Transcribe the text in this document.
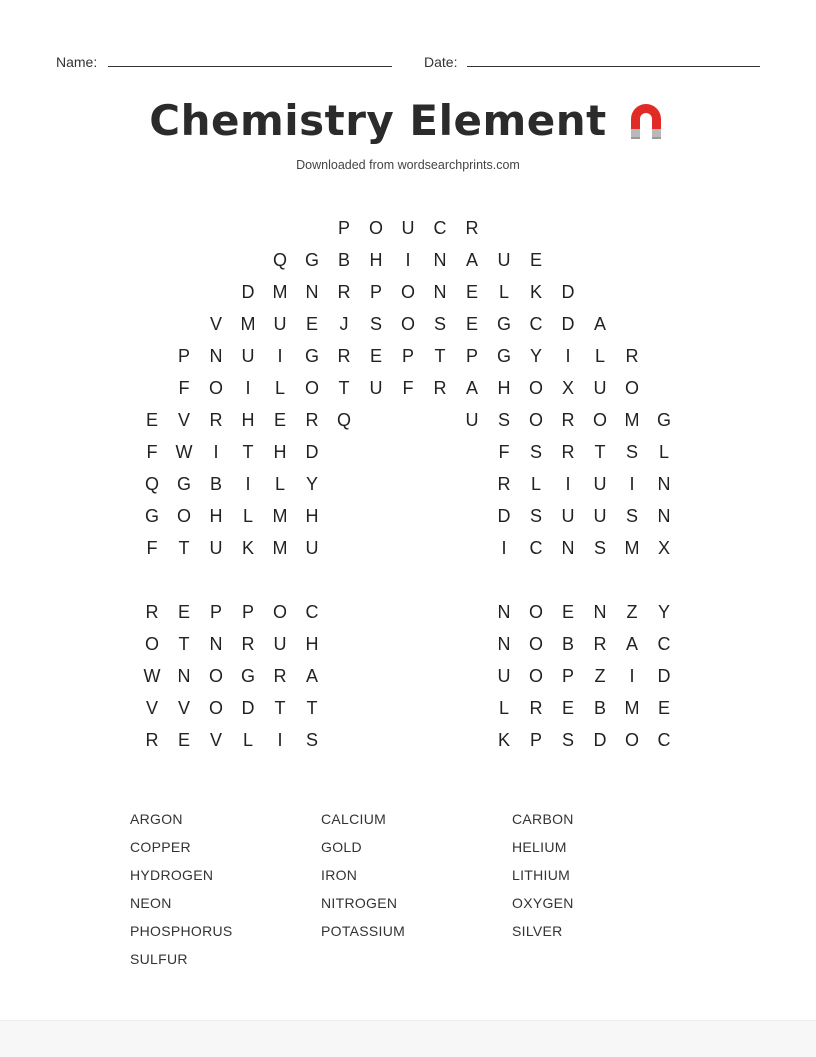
Name:	Date:
Chemistry Element
Downloaded from wordsearchprints.com
P	O	U	C	R
Q G	B	H	I	N	A	U	E
D	M	N	R	P	O	N	E	L	K	D
V	M	U	E	J	S	O	S	E	G	C	D	A
P	N	U	I	G	R	E	P	T	P	G	Y	I	L	R
F	O	I	L	O	T	U	F	R	A	H	O	X	U	O
E	V	R	H	E	R	Q	U	S	O	R	O M G
F	W	I	T	H	D	F	S	R	T	S	L
Q G	B	I	L	Y	R	L	I	U	I	N
G O	H	L	M	H	D	S	U	U	S	N
F	T	U	K	M	U	I	C	N	S	M	X
R	E	P	P	O	C	N	O	E	N	Z	Y
O	T	N	R	U	H	N	O	B	R	A	C
W N	O G	R	A	U	O	P	Z	I	D
V	V	O	D	T	T	L	R	E	B	M	E
R	E	V	L	I	S	K	P	S	D	O	C
ARGON
COPPER
HYDROGEN
NEON
PHOSPHORUS
SULFUR
CALCIUM
GOLD
IRON
NITROGEN
POTASSIUM
CARBON
HELIUM
LITHIUM
OXYGEN
SILVER
